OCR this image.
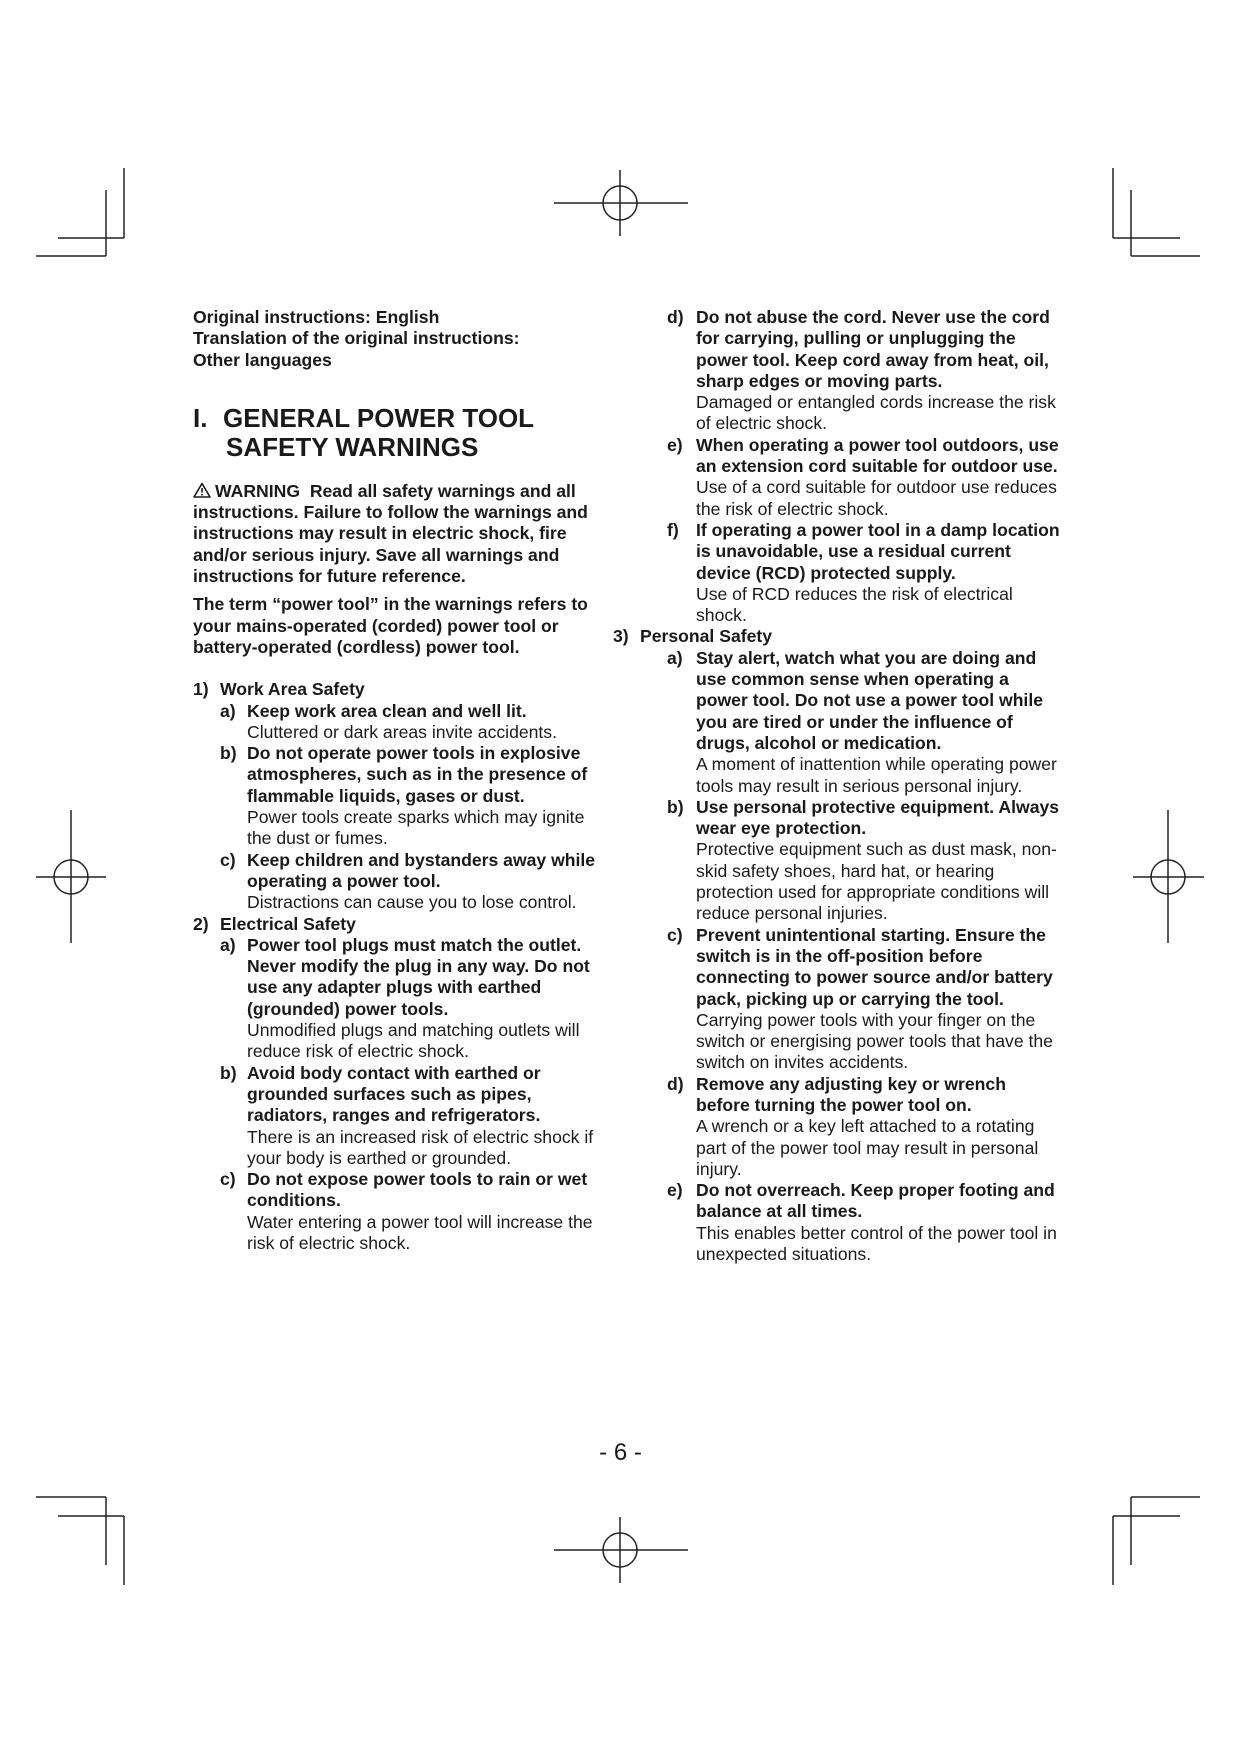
Original instructions: English
Translation of the original instructions:
Other languages
I. GENERAL POWER TOOL
SAFETY WARNINGS
WARNING Read all safety warnings and all instructions. Failure to follow the warnings and instructions may result in electric shock, fire and/or serious injury. Save all warnings and instructions for future reference.
The term “power tool” in the warnings refers to your mains-operated (corded) power tool or battery-operated (cordless) power tool.
1) Work Area Safety
a) Keep work area clean and well lit.
Cluttered or dark areas invite accidents.
b) Do not operate power tools in explosive atmospheres, such as in the presence of flammable liquids, gases or dust.
Power tools create sparks which may ignite the dust or fumes.
c) Keep children and bystanders away while operating a power tool.
Distractions can cause you to lose control.
2) Electrical Safety
a) Power tool plugs must match the outlet. Never modify the plug in any way. Do not use any adapter plugs with earthed (grounded) power tools.
Unmodified plugs and matching outlets will reduce risk of electric shock.
b) Avoid body contact with earthed or grounded surfaces such as pipes, radiators, ranges and refrigerators.
There is an increased risk of electric shock if your body is earthed or grounded.
c) Do not expose power tools to rain or wet conditions.
Water entering a power tool will increase the risk of electric shock.
d) Do not abuse the cord. Never use the cord for carrying, pulling or unplugging the power tool. Keep cord away from heat, oil, sharp edges or moving parts.
Damaged or entangled cords increase the risk of electric shock.
e) When operating a power tool outdoors, use an extension cord suitable for outdoor use.
Use of a cord suitable for outdoor use reduces the risk of electric shock.
f) If operating a power tool in a damp location is unavoidable, use a residual current device (RCD) protected supply.
Use of RCD reduces the risk of electrical shock.
3) Personal Safety
a) Stay alert, watch what you are doing and use common sense when operating a power tool. Do not use a power tool while you are tired or under the influence of drugs, alcohol or medication.
A moment of inattention while operating power tools may result in serious personal injury.
b) Use personal protective equipment. Always wear eye protection.
Protective equipment such as dust mask, non-skid safety shoes, hard hat, or hearing protection used for appropriate conditions will reduce personal injuries.
c) Prevent unintentional starting. Ensure the switch is in the off-position before connecting to power source and/or battery pack, picking up or carrying the tool.
Carrying power tools with your finger on the switch or energising power tools that have the switch on invites accidents.
d) Remove any adjusting key or wrench before turning the power tool on.
A wrench or a key left attached to a rotating part of the power tool may result in personal injury.
e) Do not overreach. Keep proper footing and balance at all times.
This enables better control of the power tool in unexpected situations.
- 6 -
